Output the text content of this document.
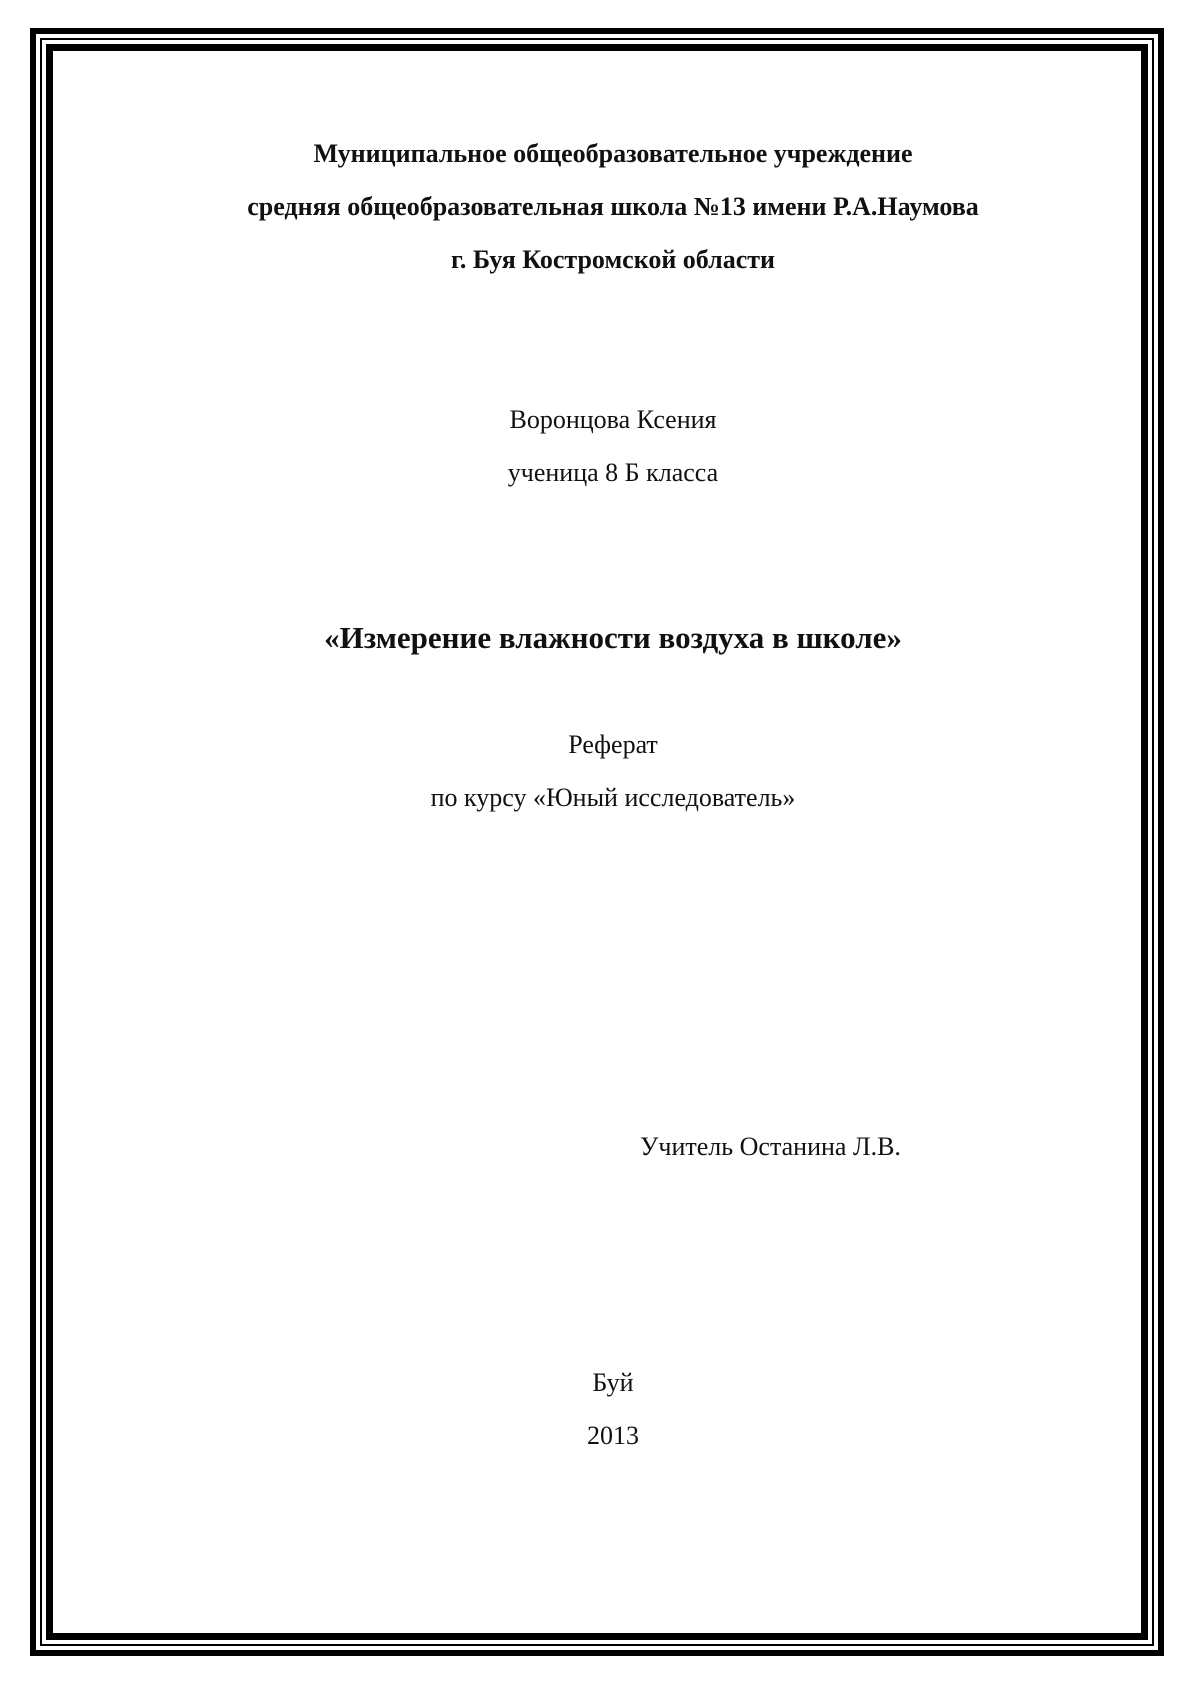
Муниципальное общеобразовательное учреждение

средняя общеобразовательная школа №13 имени Р.А.Наумова

г. Буя Костромской области

Воронцова Ксения

ученица 8 Б класса

«Измерение влажности воздуха в школе»

Реферат

по курсу «Юный исследователь»

Учитель Останина Л.В.

Буй

2013
